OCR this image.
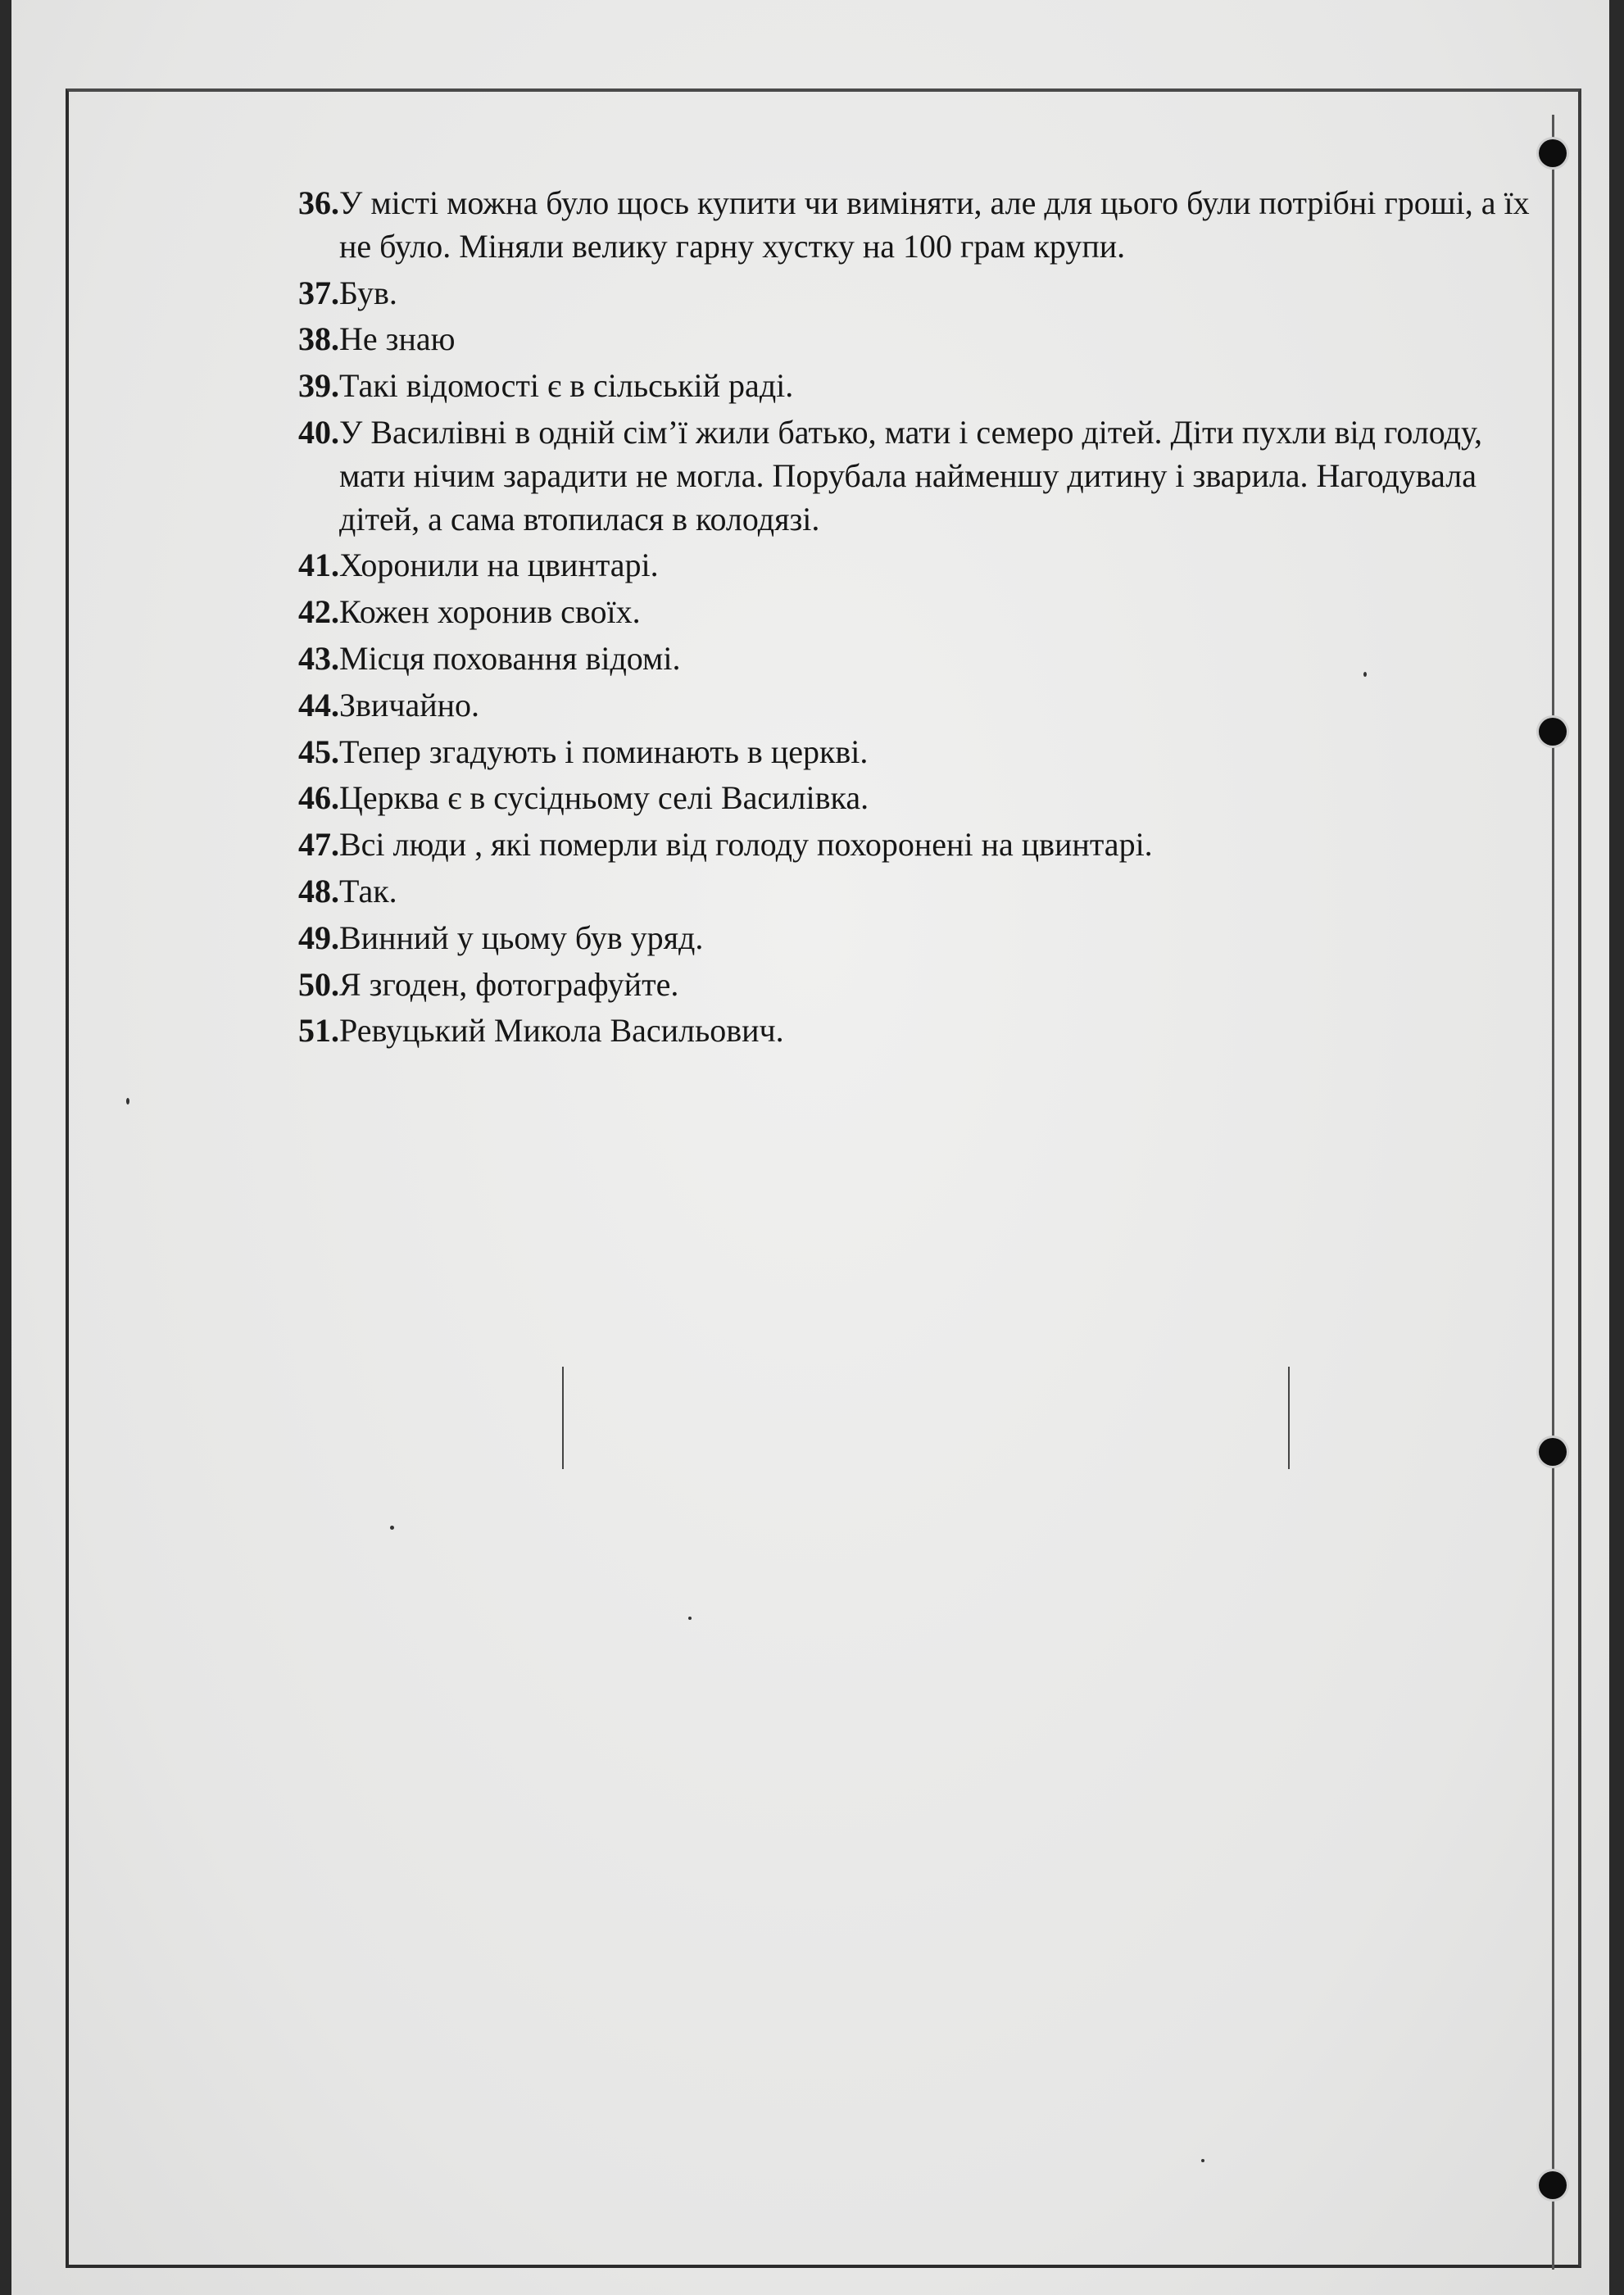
36. У місті можна було щось купити чи виміняти, але для цього були потрібні гроші, а їх не було. Міняли велику гарну хустку на 100 грам крупи.
37. Був.
38. Не знаю
39. Такі відомості є в сільській раді.
40. У Василівні в одній сім’ї жили батько, мати і семеро дітей. Діти пухли від голоду, мати нічим зарадити не могла. Порубала найменшу дитину і зварила. Нагодувала дітей, а сама втопилася в колодязі.
41. Хоронили на цвинтарі.
42. Кожен хоронив своїх.
43. Місця поховання відомі.
44. Звичайно.
45. Тепер згадують і поминають в церкві.
46. Церква є в сусідньому селі Василівка.
47. Всі люди , які померли від голоду похоронені на цвинтарі.
48. Так.
49. Винний у цьому був уряд.
50. Я згоден, фотографуйте.
51. Ревуцький Микола Васильович.
